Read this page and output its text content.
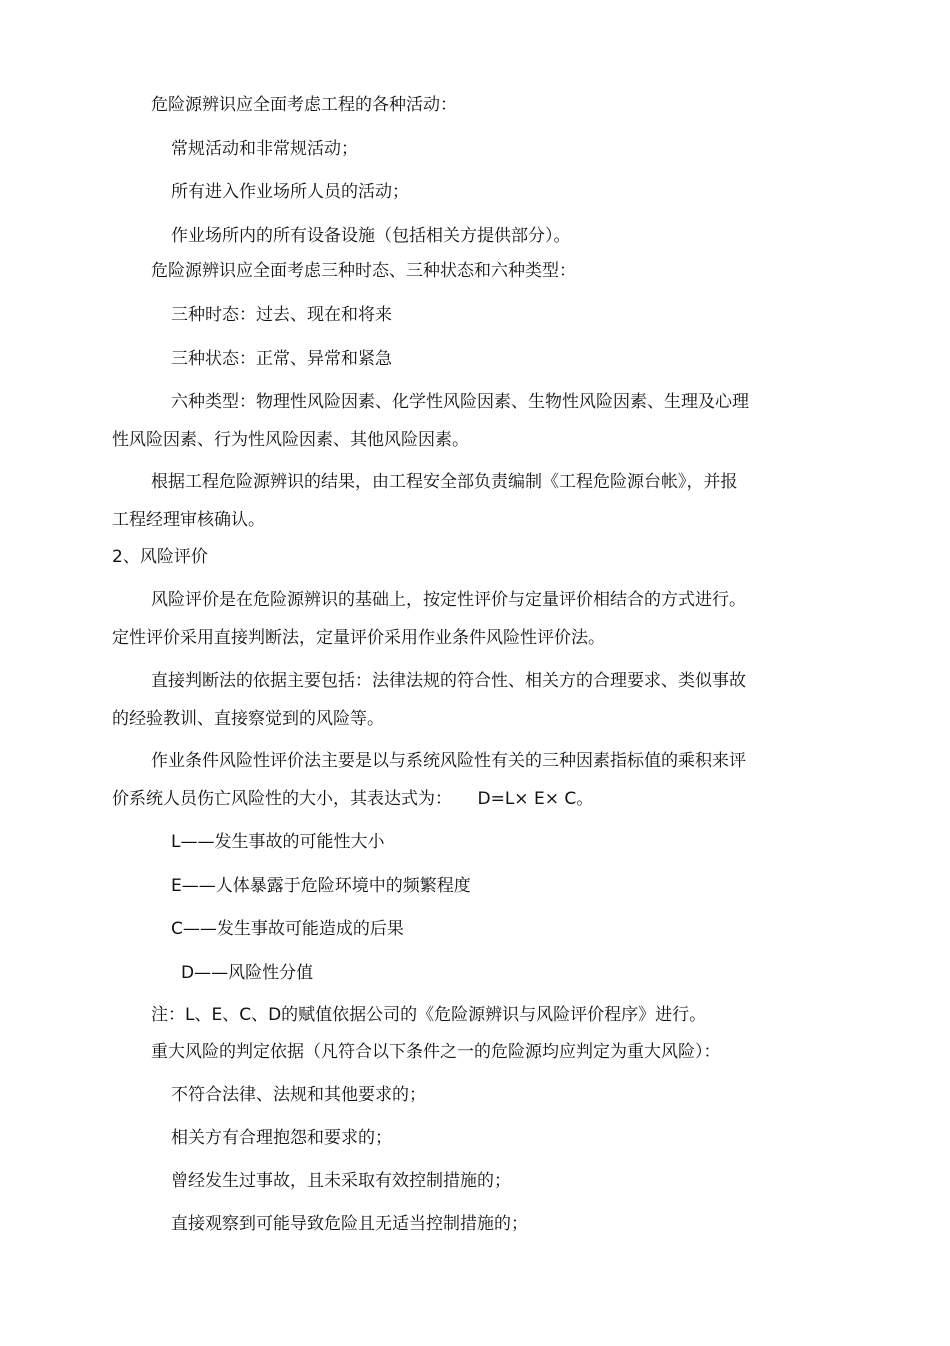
危险源辨识应全面考虑工程的各种活动：
常规活动和非常规活动；
所有进入作业场所人员的活动；
作业场所内的所有设备设施（包括相关方提供部分）。
危险源辨识应全面考虑三种时态、三种状态和六种类型：
三种时态：过去、现在和将来
三种状态：正常、异常和紧急
六种类型：物理性风险因素、化学性风险因素、生物性风险因素、生理及心理
性风险因素、行为性风险因素、其他风险因素。
根据工程危险源辨识的结果，由工程安全部负责编制《工程危险源台帐》，并报
工程经理审核确认。
2、风险评价
风险评价是在危险源辨识的基础上，按定性评价与定量评价相结合的方式进行。
定性评价采用直接判断法，定量评价采用作业条件风险性评价法。
直接判断法的依据主要包括：法律法规的符合性、相关方的合理要求、类似事故
的经验教训、直接察觉到的风险等。
作业条件风险性评价法主要是以与系统风险性有关的三种因素指标值的乘积来评
价系统人员伤亡风险性的大小，其表达式为：　　D=L× E× C。
L——发生事故的可能性大小
E——人体暴露于危险环境中的频繁程度
C——发生事故可能造成的后果
D——风险性分值
注：L、E、C、D的赋值依据公司的《危险源辨识与风险评价程序》进行。
重大风险的判定依据（凡符合以下条件之一的危险源均应判定为重大风险）：
不符合法律、法规和其他要求的；
相关方有合理抱怨和要求的；
曾经发生过事故，且未采取有效控制措施的；
直接观察到可能导致危险且无适当控制措施的；
